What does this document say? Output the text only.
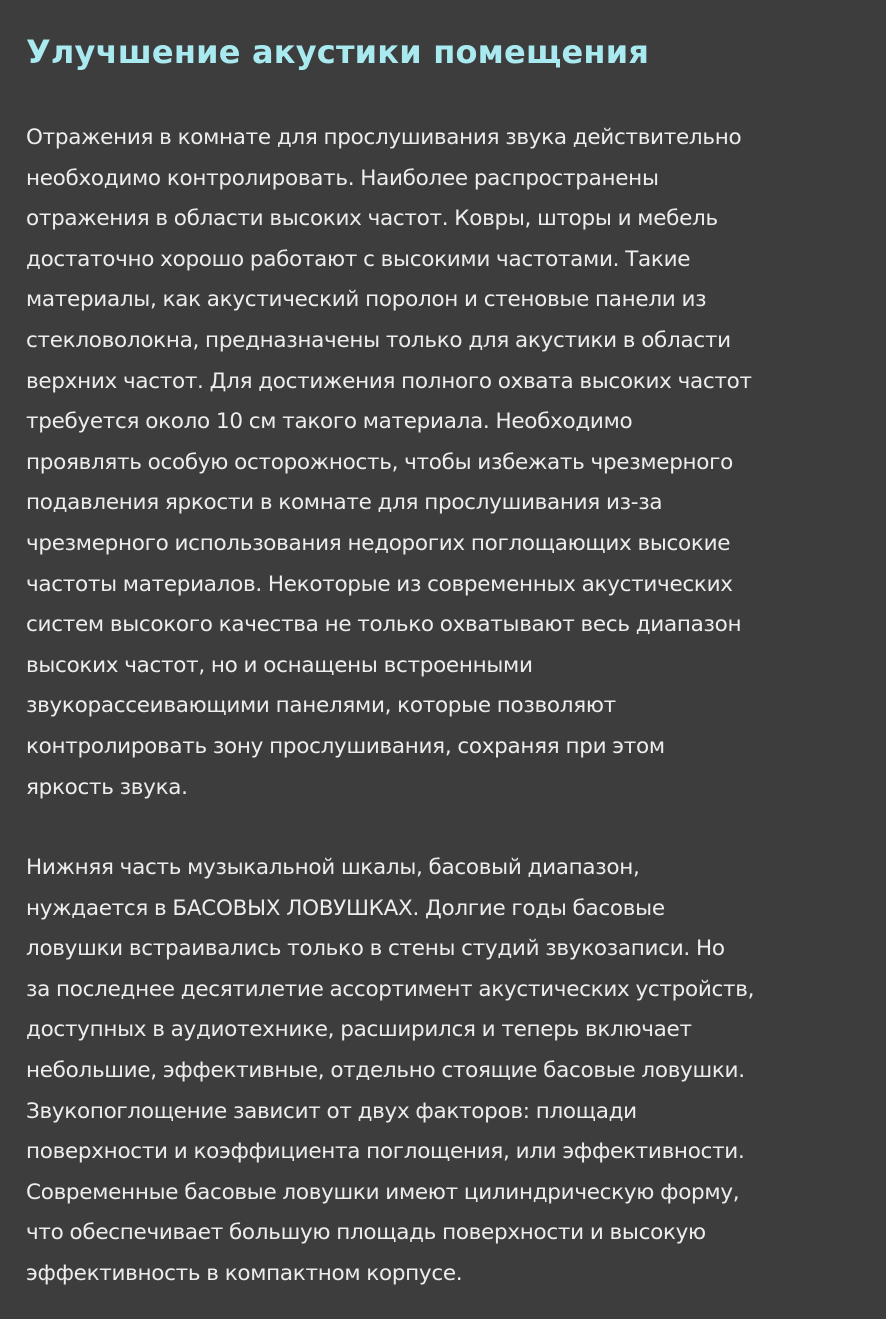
Улучшение акустики помещения

Отражения в комнате для прослушивания звука действительно
необходимо контролировать. Наиболее распространены
отражения в области высоких частот. Ковры, шторы и мебель
достаточно хорошо работают с высокими частотами. Такие
материалы, как акустический поролон и стеновые панели из
стекловолокна, предназначены только для акустики в области
верхних частот. Для достижения полного охвата высоких частот
требуется около 10 см такого материала. Необходимо
проявлять особую осторожность, чтобы избежать чрезмерного
подавления яркости в комнате для прослушивания из-за
чрезмерного использования недорогих поглощающих высокие
частоты материалов. Некоторые из современных акустических
систем высокого качества не только охватывают весь диапазон
высоких частот, но и оснащены встроенными
звукорассеивающими панелями, которые позволяют
контролировать зону прослушивания, сохраняя при этом
яркость звука.

Нижняя часть музыкальной шкалы, басовый диапазон,
нуждается в БАСОВЫХ ЛОВУШКАХ. Долгие годы басовые
ловушки встраивались только в стены студий звукозаписи. Но
за последнее десятилетие ассортимент акустических устройств,
доступных в аудиотехнике, расширился и теперь включает
небольшие, эффективные, отдельно стоящие басовые ловушки.
Звукопоглощение зависит от двух факторов: площади
поверхности и коэффициента поглощения, или эффективности.
Современные басовые ловушки имеют цилиндрическую форму,
что обеспечивает большую площадь поверхности и высокую
эффективность в компактном корпусе.
